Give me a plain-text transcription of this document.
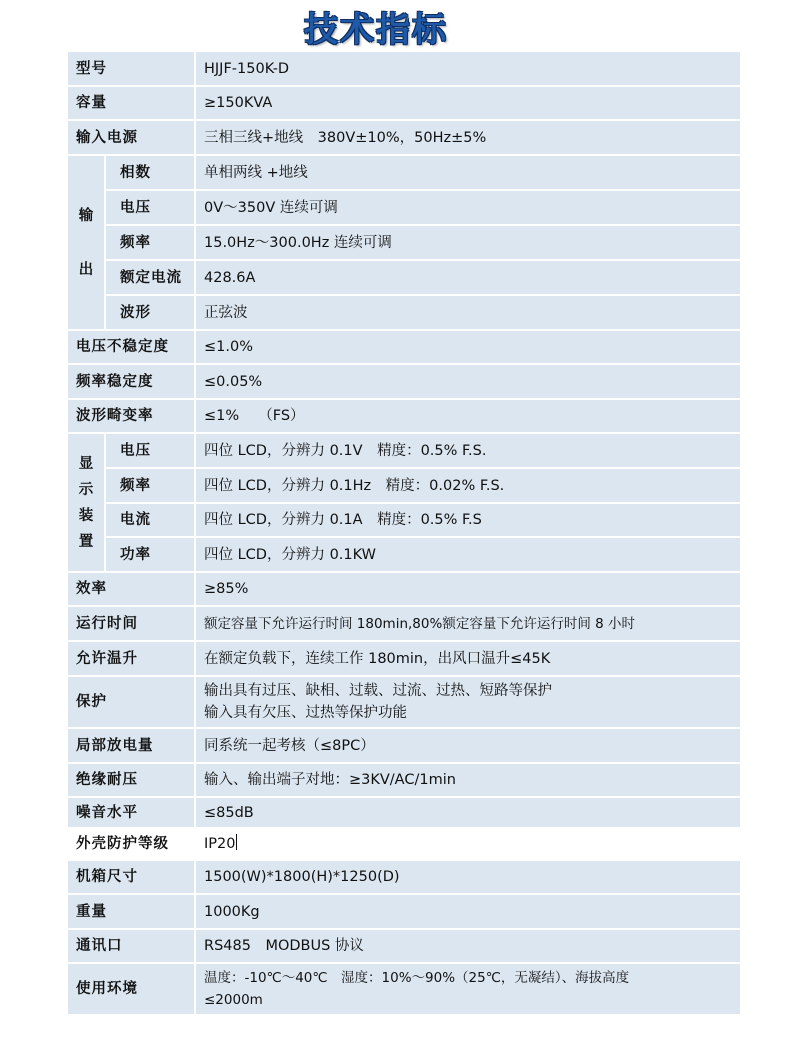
技术指标
型号		HJJF-150K-D
容量		≥150KVA
输入电源		三相三线+地线　380V±10%，50Hz±5%

输
出	相数	单相两线 +地线
	电压	0V～350V 连续可调
	频率	15.0Hz～300.0Hz 连续可调
	额定电流	428.6A
	波形	正弦波
电压不稳定度		≤1.0%
频率稳定度		≤0.05%
波形畸变率		≤1%　 （FS）

显
示
装
置	电压	四位 LCD，分辨力 0.1V　精度：0.5% F.S.
	频率	四位 LCD，分辨力 0.1Hz　精度：0.02% F.S.
	电流	四位 LCD，分辨力 0.1A　精度：0.5% F.S
	功率	四位 LCD，分辨力 0.1KW
效率		≥85%
运行时间		额定容量下允许运行时间 180min,80%额定容量下允许运行时间 8 小时
允许温升		在额定负载下，连续工作 180min，出风口温升≤45K
保护		输出具有过压、缺相、过载、过流、过热、短路等保护
输入具有欠压、过热等保护功能

局部放电量		同系统一起考核（≤8PC）
绝缘耐压		输入、输出端子对地：≥3KV/AC/1min
噪音水平		≤85dB
外壳防护等级		IP20
机箱尺寸		1500(W)*1800(H)*1250(D)
重量		1000Kg
通讯口		RS485　MODBUS 协议
使用环境		温度：-10℃～40℃　湿度：10%～90%（25℃，无凝结）、海拔高度
≤2000m
